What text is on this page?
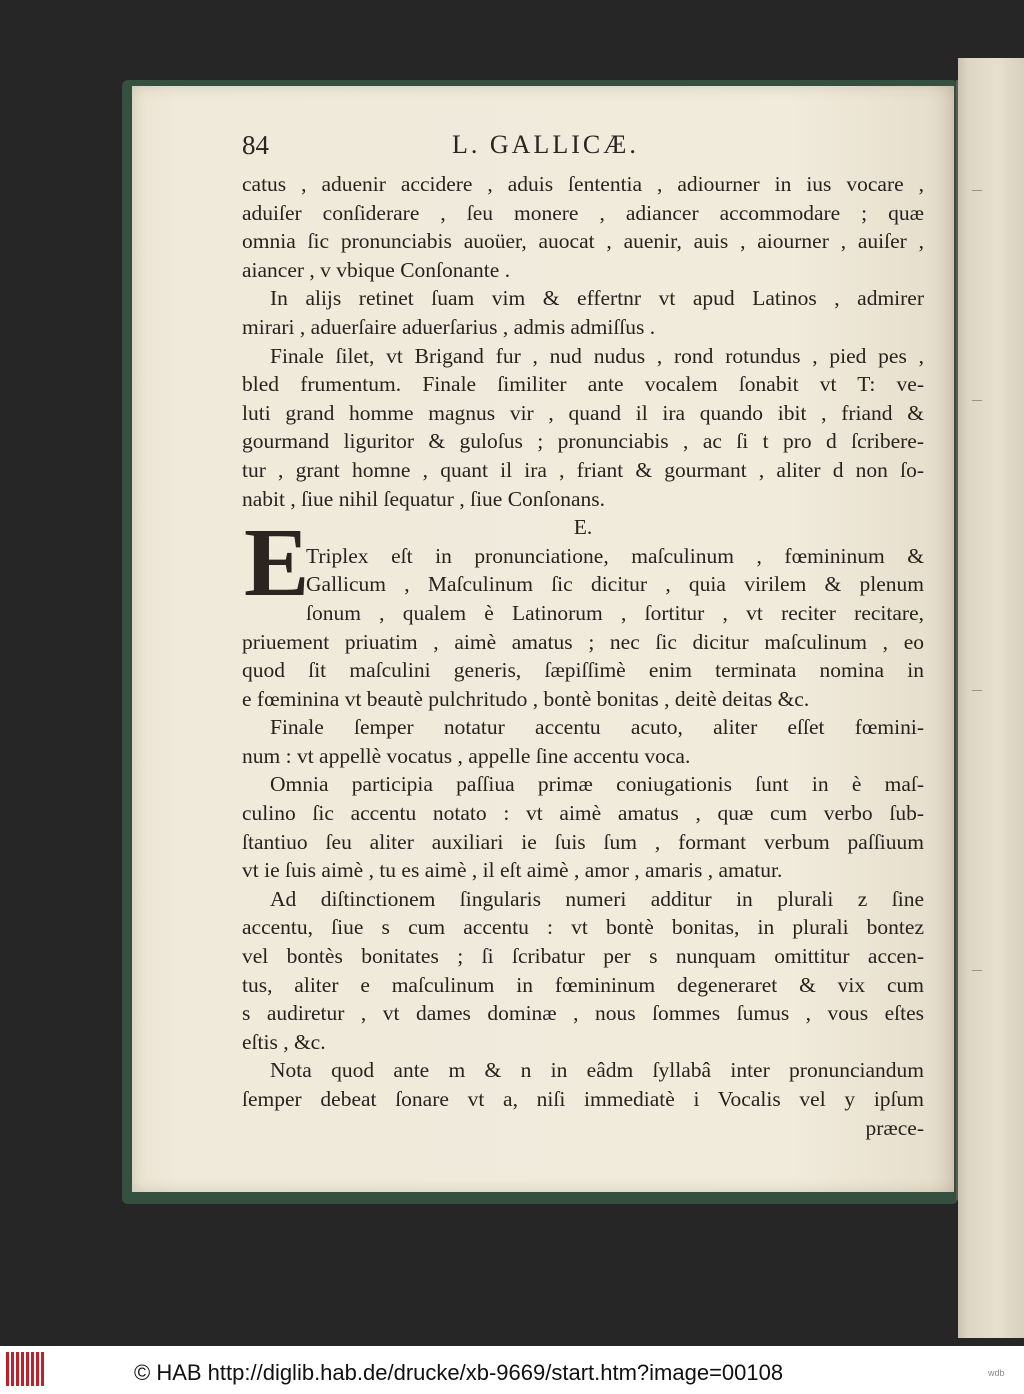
–
–
–
–
84	L. GALLICÆ.
E
catus , aduenir accidere , aduis ſententia , adiourner in ius vocare ,
aduiſer conſiderare , ſeu monere , adiancer accommodare ; quæ
omnia ſic pronunciabis auoüer, auocat , auenir, auis , aiourner , auiſer ,
aiancer , v vbique Conſonante .
In alijs retinet ſuam vim & effertnr vt apud Latinos , admirer
mirari , aduerſaire aduerſarius , admis admiſſus .
Finale ſilet, vt Brigand fur , nud nudus , rond rotundus , pied pes ,
bled frumentum. Finale ſimiliter ante vocalem ſonabit vt T: ve-
luti grand homme magnus vir , quand il ira quando ibit , friand &
gourmand liguritor & guloſus ; pronunciabis , ac ſi t pro d ſcribere-
tur , grant homne , quant il ira , friant & gourmant , aliter d non ſo-
nabit , ſiue nihil ſequatur , ſiue Conſonans.
E.
Triplex eſt in pronunciatione, maſculinum , fœmininum &
Gallicum , Maſculinum ſic dicitur , quia virilem & plenum
ſonum , qualem è Latinorum , ſortitur , vt reciter recitare,
priuement priuatim , aimè amatus ; nec ſic dicitur maſculinum , eo
quod ſit maſculini generis, ſæpiſſimè enim terminata nomina in
e fœminina vt beautè pulchritudo , bontè bonitas , deitè deitas &c.
Finale ſemper notatur accentu acuto, aliter eſſet fœmini-
num : vt appellè vocatus , appelle ſine accentu voca.
Omnia participia paſſiua primæ coniugationis ſunt in è maſ-
culino ſic accentu notato : vt aimè amatus , quæ cum verbo ſub-
ſtantiuo ſeu aliter auxiliari ie ſuis ſum , formant verbum paſſiuum
vt ie ſuis aimè , tu es aimè , il eſt aimè , amor , amaris , amatur.
Ad diſtinctionem ſingularis numeri additur in plurali z ſine
accentu, ſiue s cum accentu : vt bontè bonitas, in plurali bontez
vel bontès bonitates ; ſi ſcribatur per s nunquam omittitur accen-
tus, aliter e maſculinum in fœmininum degeneraret & vix cum
s audiretur , vt dames dominæ , nous ſommes ſumus , vous eſtes
eſtis , &c.
Nota quod ante m & n in eâdm ſyllabâ inter pronunciandum
ſemper debeat ſonare vt a, niſi immediatè i Vocalis vel y ipſum
præce-
© HAB http://diglib.hab.de/drucke/xb-9669/start.htm?image=00108	wdb
